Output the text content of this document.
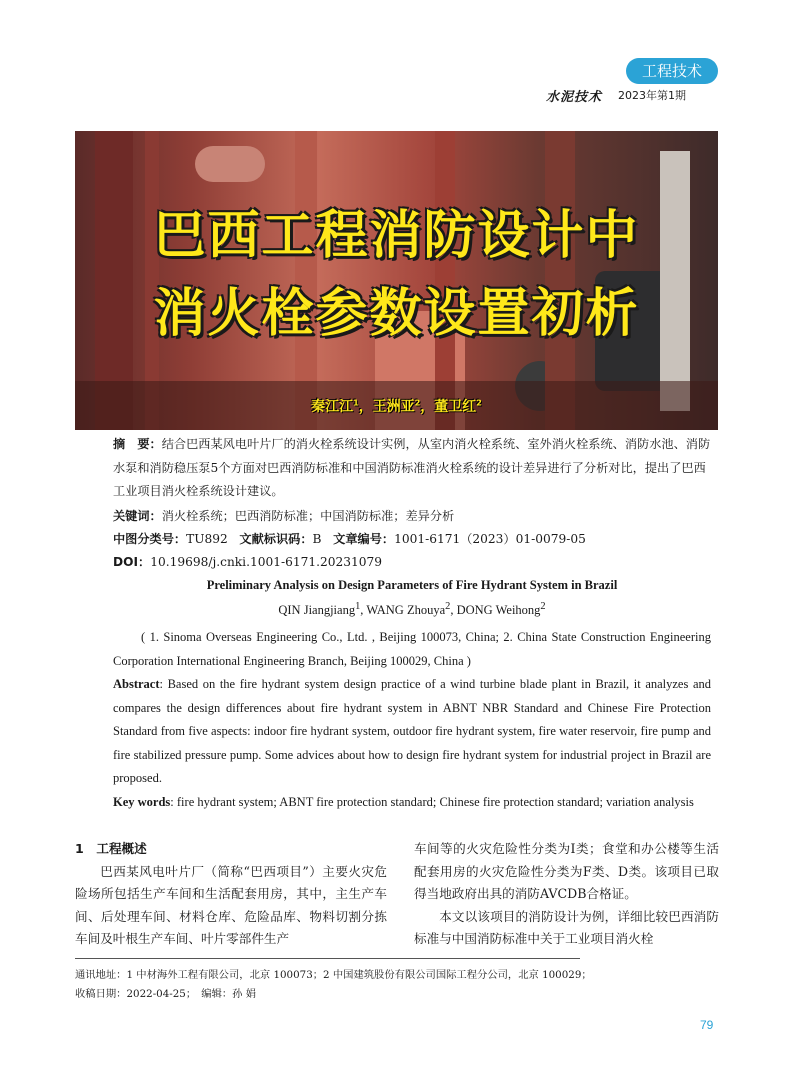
工程技术
水泥技术 2023年第1期
巴西工程消防设计中
消火栓参数设置初析
秦江江$^1$，王洲亚$^2$，董卫红$^2$
摘　要：结合巴西某风电叶片厂的消火栓系统设计实例，从室内消火栓系统、室外消火栓系统、消防水池、消防水泵和消防稳压泵5个方面对巴西消防标准和中国消防标准消火栓系统的设计差异进行了分析对比，提出了巴西工业项目消火栓系统设计建议。
关键词：消火栓系统；巴西消防标准；中国消防标准；差异分析
中图分类号：TU892 文献标识码：B 文章编号：1001-6171（2023）01-0079-05
DOI：10.19698/j.cnki.1001-6171.20231079
Preliminary Analysis on Design Parameters of Fire Hydrant System in Brazil
QIN Jiangjiang$^1$, WANG Zhouya$^2$, DONG Weihong$^2$
( 1. Sinoma Overseas Engineering Co., Ltd. , Beijing 100073, China; 2. China State Construction Engineering Corporation International Engineering Branch, Beijing 100029, China )
Abstract: Based on the fire hydrant system design practice of a wind turbine blade plant in Brazil, it analyzes and compares the design differences about fire hydrant system in ABNT NBR Standard and Chinese Fire Protection Standard from five aspects: indoor fire hydrant system, outdoor fire hydrant system, fire water reservoir, fire pump and fire stabilized pressure pump. Some advices about how to design fire hydrant system for industrial project in Brazil are proposed.
Key words: fire hydrant system; ABNT fire protection standard; Chinese fire protection standard; variation analysis

1　工程概述

巴西某风电叶片厂（简称“巴西项目”）主要火灾危险场所包括生产车间和生活配套用房，其中，主生产车间、后处理车间、材料仓库、危险品库、物料切割分拣车间及叶根生产车间、叶片零部件生产

车间等的火灾危险性分类为Ⅰ类；食堂和办公楼等生活配套用房的火灾危险性分类为F类、D类。该项目已取得当地政府出具的消防AVCDB合格证。

本文以该项目的消防设计为例，详细比较巴西消防标准与中国消防标准中关于工业项目消火栓

通讯地址：1 中材海外工程有限公司，北京 100073；2 中国建筑股份有限公司国际工程分公司，北京 100029；
收稿日期：2022-04-25；　编辑：孙 娟
79
